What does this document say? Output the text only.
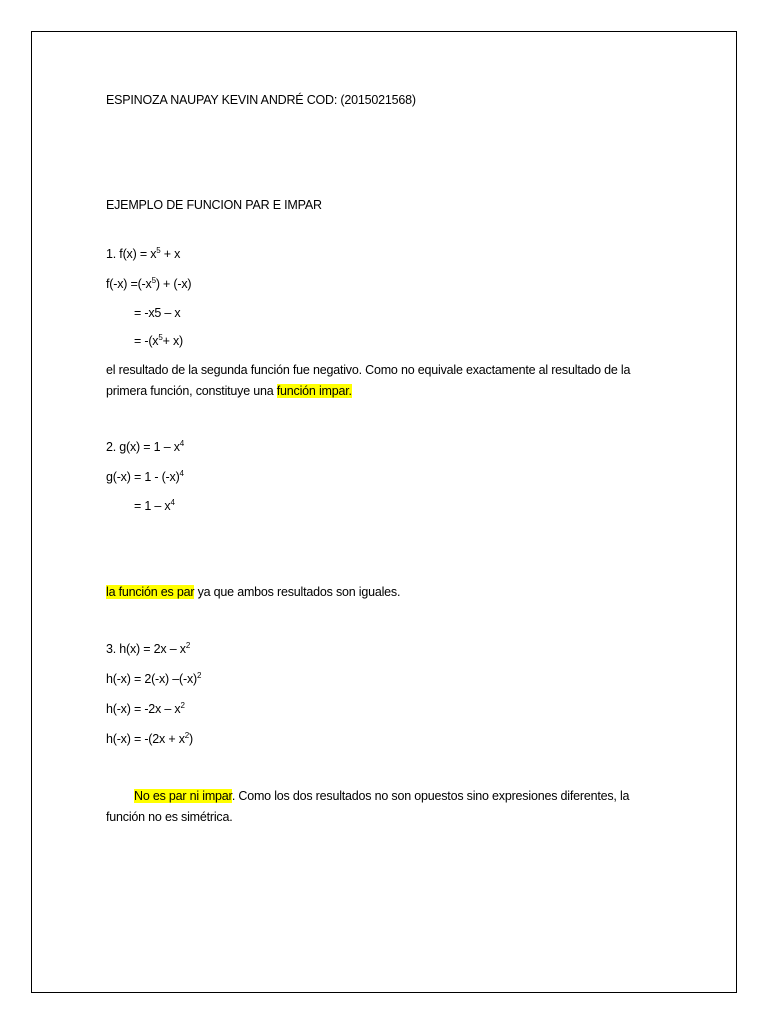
ESPINOZA NAUPAY KEVIN ANDRÉ COD: (2015021568)
EJEMPLO DE FUNCION PAR E IMPAR
1. $f(x) = x^5 + x$
$f(-x) =(-x^5) + (-x)$
= -x5 – x
= $-(x^5+ x)$
el resultado de la segunda función fue negativo. Como no equivale exactamente al resultado de la primera función, constituye una función impar.
2. $g(x) = 1 - x^4$
$g(-x) = 1 - (-x)^4$
= $1 - x^4$
la función es par ya que ambos resultados son iguales.
3. $h(x) = 2x - x^2$
h(-x) = 2(-x) $-(-x)^2$
$h(-x) = -2x - x^2$
$h(-x) = -(2x + x^2)$
No es par ni impar. Como los dos resultados no son opuestos sino expresiones diferentes, la función no es simétrica.
